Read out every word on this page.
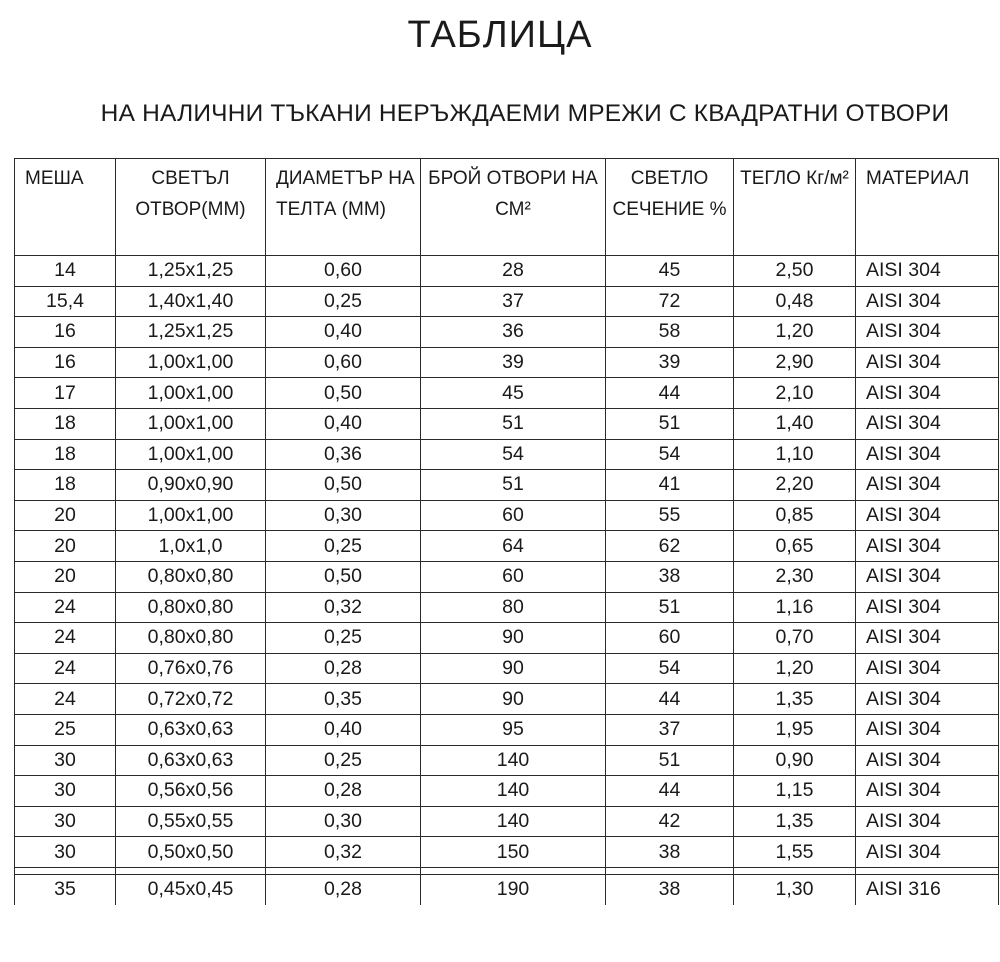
ТАБЛИЦА
НА НАЛИЧНИ ТЪКАНИ НЕРЪЖДАЕМИ МРЕЖИ С КВАДРАТНИ ОТВОРИ
МЕША	СВЕТЪЛ ОТВОР(ММ)	ДИАМЕТЪР НА ТЕЛТА (ММ)	БРОЙ ОТВОРИ НА СМ²	СВЕТЛО СЕЧЕНИЕ %	ТЕГЛО Кг/м²	МАТЕРИАЛ
14	1,25x1,25	0,60	28	45	2,50	AISI 304
15,4	1,40x1,40	0,25	37	72	0,48	AISI 304
16	1,25x1,25	0,40	36	58	1,20	AISI 304
16	1,00x1,00	0,60	39	39	2,90	AISI 304
17	1,00x1,00	0,50	45	44	2,10	AISI 304
18	1,00x1,00	0,40	51	51	1,40	AISI 304
18	1,00x1,00	0,36	54	54	1,10	AISI 304
18	0,90x0,90	0,50	51	41	2,20	AISI 304
20	1,00x1,00	0,30	60	55	0,85	AISI 304
20	1,0x1,0	0,25	64	62	0,65	AISI 304
20	0,80x0,80	0,50	60	38	2,30	AISI 304
24	0,80x0,80	0,32	80	51	1,16	AISI 304
24	0,80x0,80	0,25	90	60	0,70	AISI 304
24	0,76x0,76	0,28	90	54	1,20	AISI 304
24	0,72x0,72	0,35	90	44	1,35	AISI 304
25	0,63x0,63	0,40	95	37	1,95	AISI 304
30	0,63x0,63	0,25	140	51	0,90	AISI 304
30	0,56x0,56	0,28	140	44	1,15	AISI 304
30	0,55x0,55	0,30	140	42	1,35	AISI 304
30	0,50x0,50	0,32	150	38	1,55	AISI 304

35	0,45x0,45	0,28	190	38	1,30	AISI 316
